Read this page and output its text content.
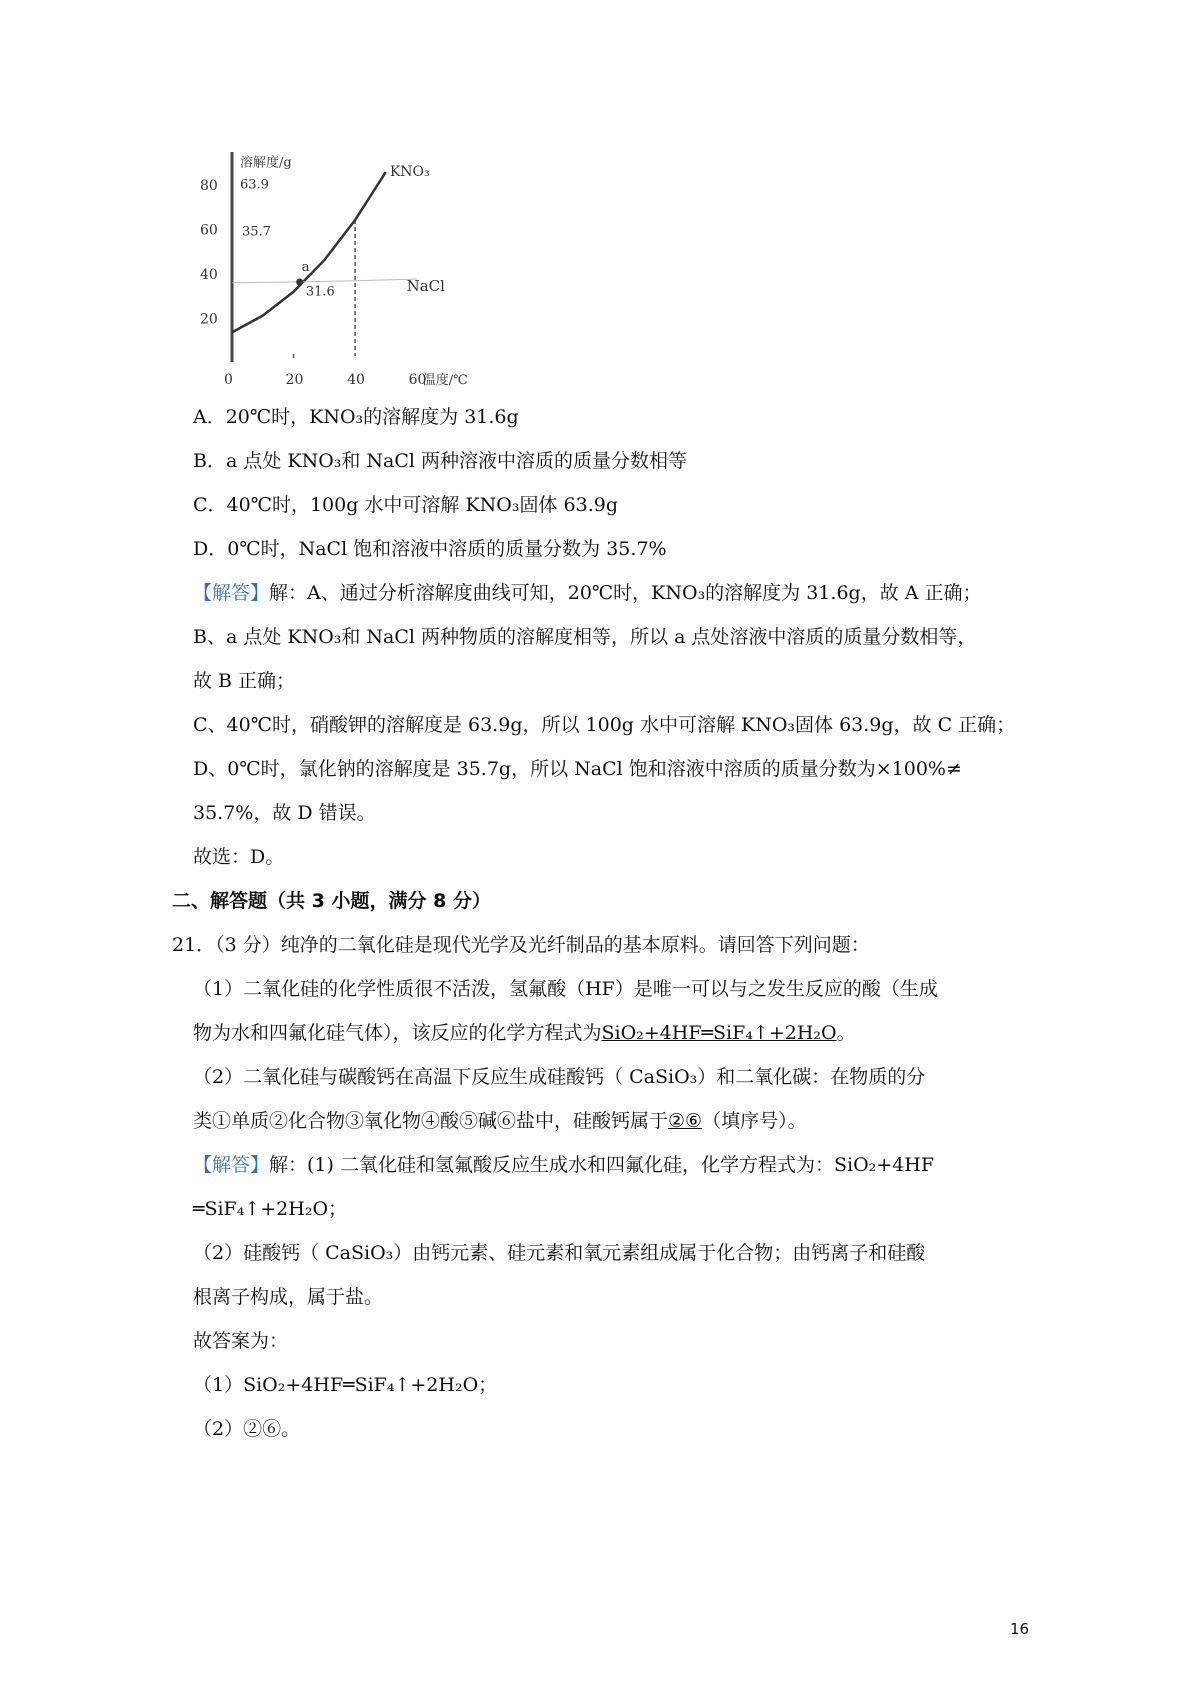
20
40
60
80
0	20	40	60
溶解度/g
温度/℃
KNO₃
NaCl
63.9
35.7
a
31.6
A．20℃时，KNO₃的溶解度为 31.6g
B．a 点处 KNO₃和 NaCl 两种溶液中溶质的质量分数相等
C．40℃时，100g 水中可溶解 KNO₃固体 63.9g
D．0℃时，NaCl 饱和溶液中溶质的质量分数为 35.7%
【解答】解：A、通过分析溶解度曲线可知，20℃时，KNO₃的溶解度为 31.6g，故 A 正确；
B、a 点处 KNO₃和 NaCl 两种物质的溶解度相等，所以 a 点处溶液中溶质的质量分数相等，
故 B 正确；
C、40℃时，硝酸钾的溶解度是 63.9g，所以 100g 水中可溶解 KNO₃固体 63.9g，故 C 正确；
D、0℃时，氯化钠的溶解度是 35.7g，所以 NaCl 饱和溶液中溶质的质量分数为×100%≠
35.7%，故 D 错误。
故选：D。
二、解答题（共 3 小题，满分 8 分）
21．（3 分）纯净的二氧化硅是现代光学及光纤制品的基本原料。请回答下列问题：
（1）二氧化硅的化学性质很不活泼，氢氟酸（HF）是唯一可以与之发生反应的酸（生成
物为水和四氟化硅气体），该反应的化学方程式为SiO₂+4HF═SiF₄↑+2H₂O。
（2）二氧化硅与碳酸钙在高温下反应生成硅酸钙（ CaSiO₃）和二氧化碳：在物质的分
类①单质②化合物③氧化物④酸⑤碱⑥盐中，硅酸钙属于②⑥（填序号）。
【解答】解：(1) 二氧化硅和氢氟酸反应生成水和四氟化硅，化学方程式为：SiO₂+4HF
═SiF₄↑+2H₂O；
（2）硅酸钙（ CaSiO₃）由钙元素、硅元素和氧元素组成属于化合物；由钙离子和硅酸
根离子构成，属于盐。
故答案为：
（1）SiO₂+4HF═SiF₄↑+2H₂O；
（2）②⑥。
16
